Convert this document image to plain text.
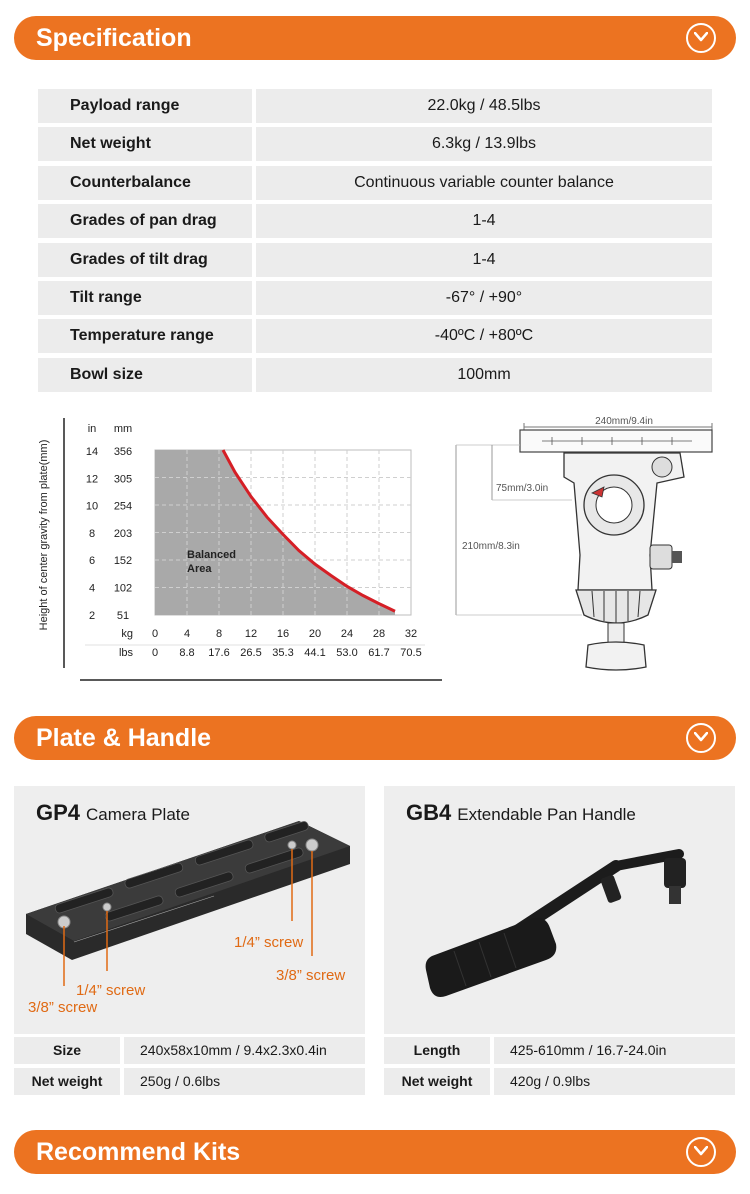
Specification
Payload range	22.0kg / 48.5lbs
Net weight	6.3kg / 13.9lbs
Counterbalance	Continuous variable counter balance
Grades of pan drag	1-4
Grades of tilt drag	1-4
Tilt range	-67° / +90°
Temperature range	-40ºC / +80ºC
Bowl size	100mm
Balanced
Area
in mm
14
12
10
8
6
4
2
356
305
254
203
152
102
51
kg
lbs
0 4 8 12 16 20 24 28 32
0 8.8 17.6 26.5 35.3 44.1 53.0 61.7 70.5
Height of center gravity from plate(mm)
240mm/9.4in
210mm/8.3in
75mm/3.0in
Plate & Handle
GP4 Camera Plate
1/4” screw
3/8” screw
1/4” screw
3/8” screw
GB4 Extendable Pan Handle
Size	240x58x10mm / 9.4x2.3x0.4in
Net weight	250g / 0.6lbs
Length	425-610mm / 16.7-24.0in
Net weight	420g / 0.9lbs
Recommend Kits
